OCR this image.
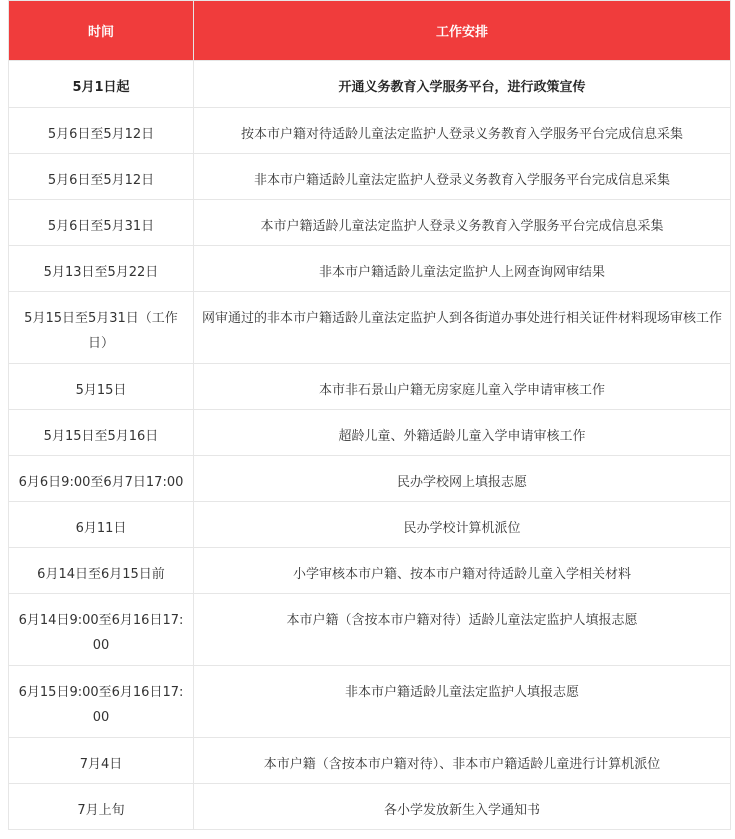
时间	工作安排
5月1日起	开通义务教育入学服务平台，进行政策宣传
5月6日至5月12日	按本市户籍对待适龄儿童法定监护人登录义务教育入学服务平台完成信息采集
5月6日至5月12日	非本市户籍适龄儿童法定监护人登录义务教育入学服务平台完成信息采集
5月6日至5月31日	本市户籍适龄儿童法定监护人登录义务教育入学服务平台完成信息采集
5月13日至5月22日	非本市户籍适龄儿童法定监护人上网查询网审结果
5月15日至5月31日（工作日）	网审通过的非本市户籍适龄儿童法定监护人到各街道办事处进行相关证件材料现场审核工作
5月15日	本市非石景山户籍无房家庭儿童入学申请审核工作
5月15日至5月16日	超龄儿童、外籍适龄儿童入学申请审核工作
6月6日9:00至6月7日17:00	民办学校网上填报志愿
6月11日	民办学校计算机派位
6月14日至6月15日前	小学审核本市户籍、按本市户籍对待适龄儿童入学相关材料
6月14日9:00至6月16日17:00	本市户籍（含按本市户籍对待）适龄儿童法定监护人填报志愿
6月15日9:00至6月16日17:00	非本市户籍适龄儿童法定监护人填报志愿
7月4日	本市户籍（含按本市户籍对待）、非本市户籍适龄儿童进行计算机派位
7月上旬	各小学发放新生入学通知书
